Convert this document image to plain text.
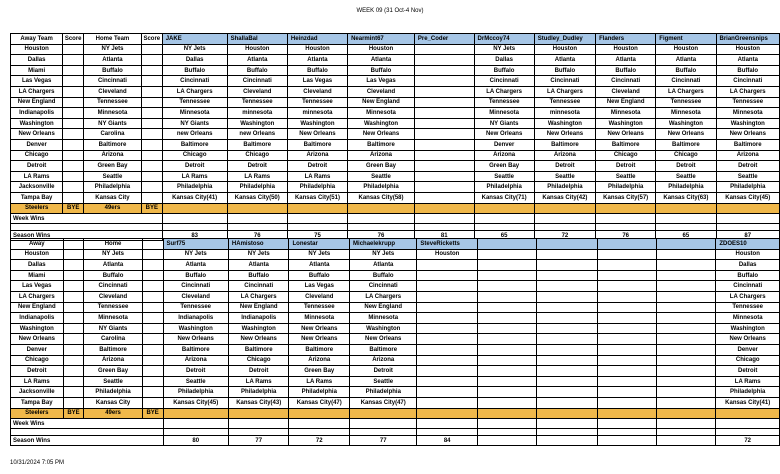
WEEK 09 (31 Oct-4 Nov)
Away Team	Score	Home Team	Score	JAKE	ShallaBal	Heinzdad	Nearmint67	Pre_Coder	DrMccoy74	Studley_Dudley	Flanders	Figment	BrianGreensnips
Houston		NY Jets		NY Jets	Houston	Houston	Houston		NY Jets	Houston	Houston	Houston	Houston
Dallas		Atlanta		Dallas	Atlanta	Atlanta	Atlanta		Dallas	Atlanta	Atlanta	Atlanta	Atlanta
Miami		Buffalo		Buffalo	Buffalo	Buffalo	Buffalo		Buffalo	Buffalo	Buffalo	Buffalo	Buffalo
Las Vegas		Cincinnati		Cincinnati	Cincinnati	Las Vegas	Las Vegas		Cincinnati	Cincinnati	Cincinnati	Cincinnati	Cincinnati
LA Chargers		Cleveland		LA Chargers	Cleveland	Cleveland	Cleveland		LA Chargers	LA Chargers	Cleveland	LA Chargers	LA Chargers
New England		Tennessee		Tennessee	Tennessee	Tennessee	New England		Tennessee	Tennessee	New England	Tennessee	Tennessee
Indianapolis		Minnesota		Minnesota	minnesota	minnesota	Minnesota		Minnesota	minnesota	Minnesota	Minnesota	Minnesota
Washington		NY Giants		NY Giants	Washington	Washington	Washington		NY Giants	Washington	Washington	Washington	Washington
New Orleans		Carolina		new Orleans	new Orleans	New Orleans	New Orleans		New Orleans	New Orleans	New Orleans	New Orleans	New Orleans
Denver		Baltimore		Baltimore	Baltimore	Baltimore	Baltimore		Denver	Baltimore	Baltimore	Baltimore	Baltimore
Chicago		Arizona		Chicago	Chicago	Arizona	Arizona		Arizona	Arizona	Chicago	Chicago	Arizona
Detroit		Green Bay		Detroit	Detroit	Detroit	Green Bay		Green Bay	Detroit	Detroit	Detroit	Detroit
LA Rams		Seattle		LA Rams	LA Rams	LA Rams	Seattle		Seattle	Seattle	Seattle	Seattle	Seattle
Jacksonville		Philadelphia		Philadelphia	Philadelphia	Philadelphia	Philadelphia		Philadelphia	Philadelphia	Philadelphia	Philadelphia	Philadelphia
Tampa Bay		Kansas City		Kansas City(41)	Kansas City(50)	Kansas City(51)	Kansas City(58)		Kansas City(71)	Kansas City(42)	Kansas City(57)	Kansas City(63)	Kansas City(45)
Steelers	BYE	49ers	BYE										
Week Wins													

Season Wins				83	76	75	76	81	65	72	76	65	87
Away		Home		Surf75	HAmistoso	Lonestar	Michaelekrupp	SteveRicketts					ZDOES10
Houston		NY Jets		NY Jets	NY Jets	NY Jets	NY Jets	Houston					Houston
Dallas		Atlanta		Atlanta	Atlanta	Atlanta	Atlanta						Dallas
Miami		Buffalo		Buffalo	Buffalo	Buffalo	Buffalo						Buffalo
Las Vegas		Cincinnati		Cincinnati	Cincinnati	Las Vegas	Cincinnati						Cincinnati
LA Chargers		Cleveland		Cleveland	LA Chargers	Cleveland	LA Chargers						LA Chargers
New England		Tennessee		Tennessee	New England	Tennessee	New England						Tennessee
Indianapolis		Minnesota		Indianapolis	Indianapolis	Minnesota	Minnesota						Minnesota
Washington		NY Giants		Washington	Washington	New Orleans	Washington						Washington
New Orleans		Carolina		New Orleans	New Orleans	New Orleans	New Orleans						New Orleans
Denver		Baltimore		Baltimore	Baltimore	Baltimore	Baltimore						Denver
Chicago		Arizona		Arizona	Chicago	Arizona	Arizona						Chicago
Detroit		Green Bay		Detroit	Detroit	Green Bay	Detroit						Detroit
LA Rams		Seattle		Seattle	LA Rams	LA Rams	Seattle						LA Rams
Jacksonville		Philadelphia		Philadelphia	Philadelphia	Philadelphia	Philadelphia						Philadelphia
Tampa Bay		Kansas City		Kansas City(45)	Kansas City(43)	Kansas City(47)	Kansas City(47)						Kansas City(41)
Steelers	BYE	49ers	BYE										
Week Wins													

Season Wins				80	77	72	77	84					72
10/31/2024 7:05 PM
